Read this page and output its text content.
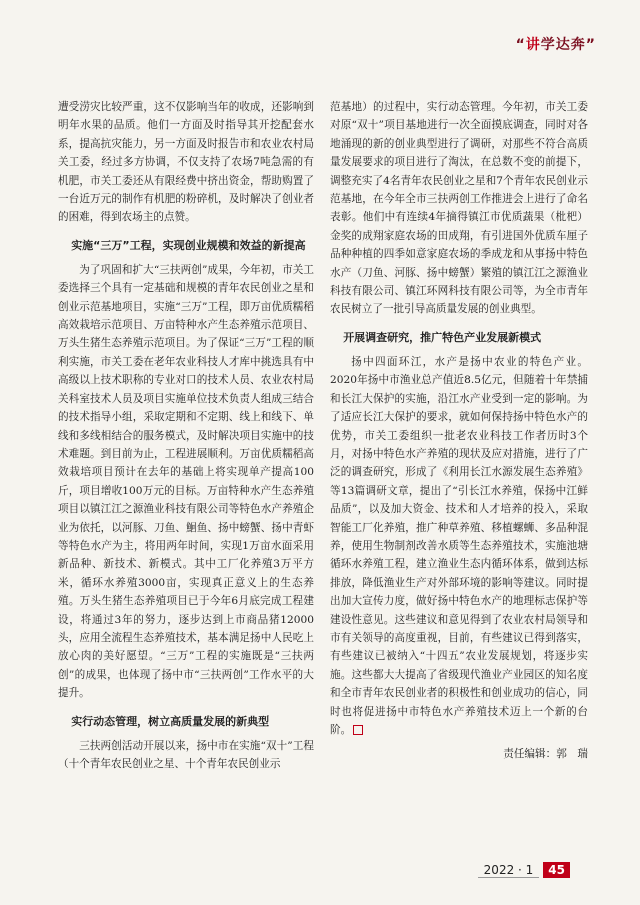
“讲学达奔”

遭受涝灾比较严重，这不仅影响当年的收成，还影响到明年水果的品质。他们一方面及时指导其开挖配套水系，提高抗灾能力，另一方面及时报告市和农业农村局关工委，经过多方协调，不仅支持了农场7吨急需的有机肥，市关工委还从有限经费中挤出资金，帮助购置了一台近万元的制作有机肥的粉碎机，及时解决了创业者的困难，得到农场主的点赞。

实施“三万”工程，实现创业规模和效益的新提高

为了巩固和扩大“三扶两创”成果，今年初，市关工委选择三个具有一定基础和规模的青年农民创业之星和创业示范基地项目，实施“三万”工程，即万亩优质糯稻高效栽培示范项目、万亩特种水产生态养殖示范项目、万头生猪生态养殖示范项目。为了保证“三万”工程的顺利实施，市关工委在老年农业科技人才库中挑选具有中高级以上技术职称的专业对口的技术人员、农业农村局关科室技术人员及项目实施单位技术负责人组成三结合的技术指导小组，采取定期和不定期、线上和线下、单线和多线相结合的服务模式，及时解决项目实施中的技术难题。到目前为止，工程进展顺利。万亩优质糯稻高效栽培项目预计在去年的基础上将实现单产提高100斤，项目增收100万元的目标。万亩特种水产生态养殖项目以镇江江之源渔业科技有限公司等特色水产养殖企业为依托，以河豚、刀鱼、鮰鱼、扬中螃蟹、扬中青虾等特色水产为主，将用两年时间，实现1万亩水面采用新品种、新技术、新模式。其中工厂化养殖3万平方米，循环水养殖3000亩，实现真正意义上的生态养殖。万头生猪生态养殖项目已于今年6月底完成工程建设，将通过3年的努力，逐步达到上市商品猪12000头，应用全流程生态养殖技术，基本满足扬中人民吃上放心肉的美好愿望。“三万”工程的实施既是“三扶两创”的成果，也体现了扬中市“三扶两创”工作水平的大提升。

实行动态管理，树立高质量发展的新典型

三扶两创活动开展以来，扬中市在实施“双十”工程（十个青年农民创业之星、十个青年农民创业示

范基地）的过程中，实行动态管理。今年初，市关工委对原“双十”项目基地进行一次全面摸底调查，同时对各地涌现的新的创业典型进行了调研，对那些不符合高质量发展要求的项目进行了淘汰，在总数不变的前提下，调整充实了4名青年农民创业之星和7个青年农民创业示范基地，在今年全市三扶两创工作推进会上进行了命名表彰。他们中有连续4年摘得镇江市优质蔬果（枇杷）金奖的成翔家庭农场的田成翔，有引进国外优质车厘子品种种植的四季如意家庭农场的季成龙和从事扬中特色水产（刀鱼、河豚、扬中螃蟹）繁殖的镇江江之源渔业科技有限公司、镇江环网科技有限公司等，为全市青年农民树立了一批引导高质量发展的创业典型。

开展调查研究，推广特色产业发展新模式

扬中四面环江，水产是扬中农业的特色产业。2020年扬中市渔业总产值近8.5亿元，但随着十年禁捕和长江大保护的实施，沿江水产业受到一定的影响。为了适应长江大保护的要求，就如何保持扬中特色水产的优势，市关工委组织一批老农业科技工作者历时3个月，对扬中特色水产养殖的现状及应对措施，进行了广泛的调查研究，形成了《利用长江水源发展生态养殖》等13篇调研文章，提出了“引长江水养殖，保扬中江鲜品质”，以及加大资金、技术和人才培养的投入，采取智能工厂化养殖，推广种草养殖、移植螺蛳、多品种混养，使用生物制剂改善水质等生态养殖技术，实施池塘循环水养殖工程，建立渔业生态内循环体系，做到达标排放，降低渔业生产对外部环境的影响等建议。同时提出加大宣传力度，做好扬中特色水产的地理标志保护等建设性意见。这些建议和意见得到了农业农村局领导和市有关领导的高度重视，目前，有些建议已得到落实，有些建议已被纳入“十四五”农业发展规划，将逐步实施。这些都大大提高了省级现代渔业产业园区的知名度和全市青年农民创业者的积极性和创业成功的信心，同时也将促进扬中市特色水产养殖技术迈上一个新的台阶。

责任编辑：郭　瑞
2022 · 1	45
